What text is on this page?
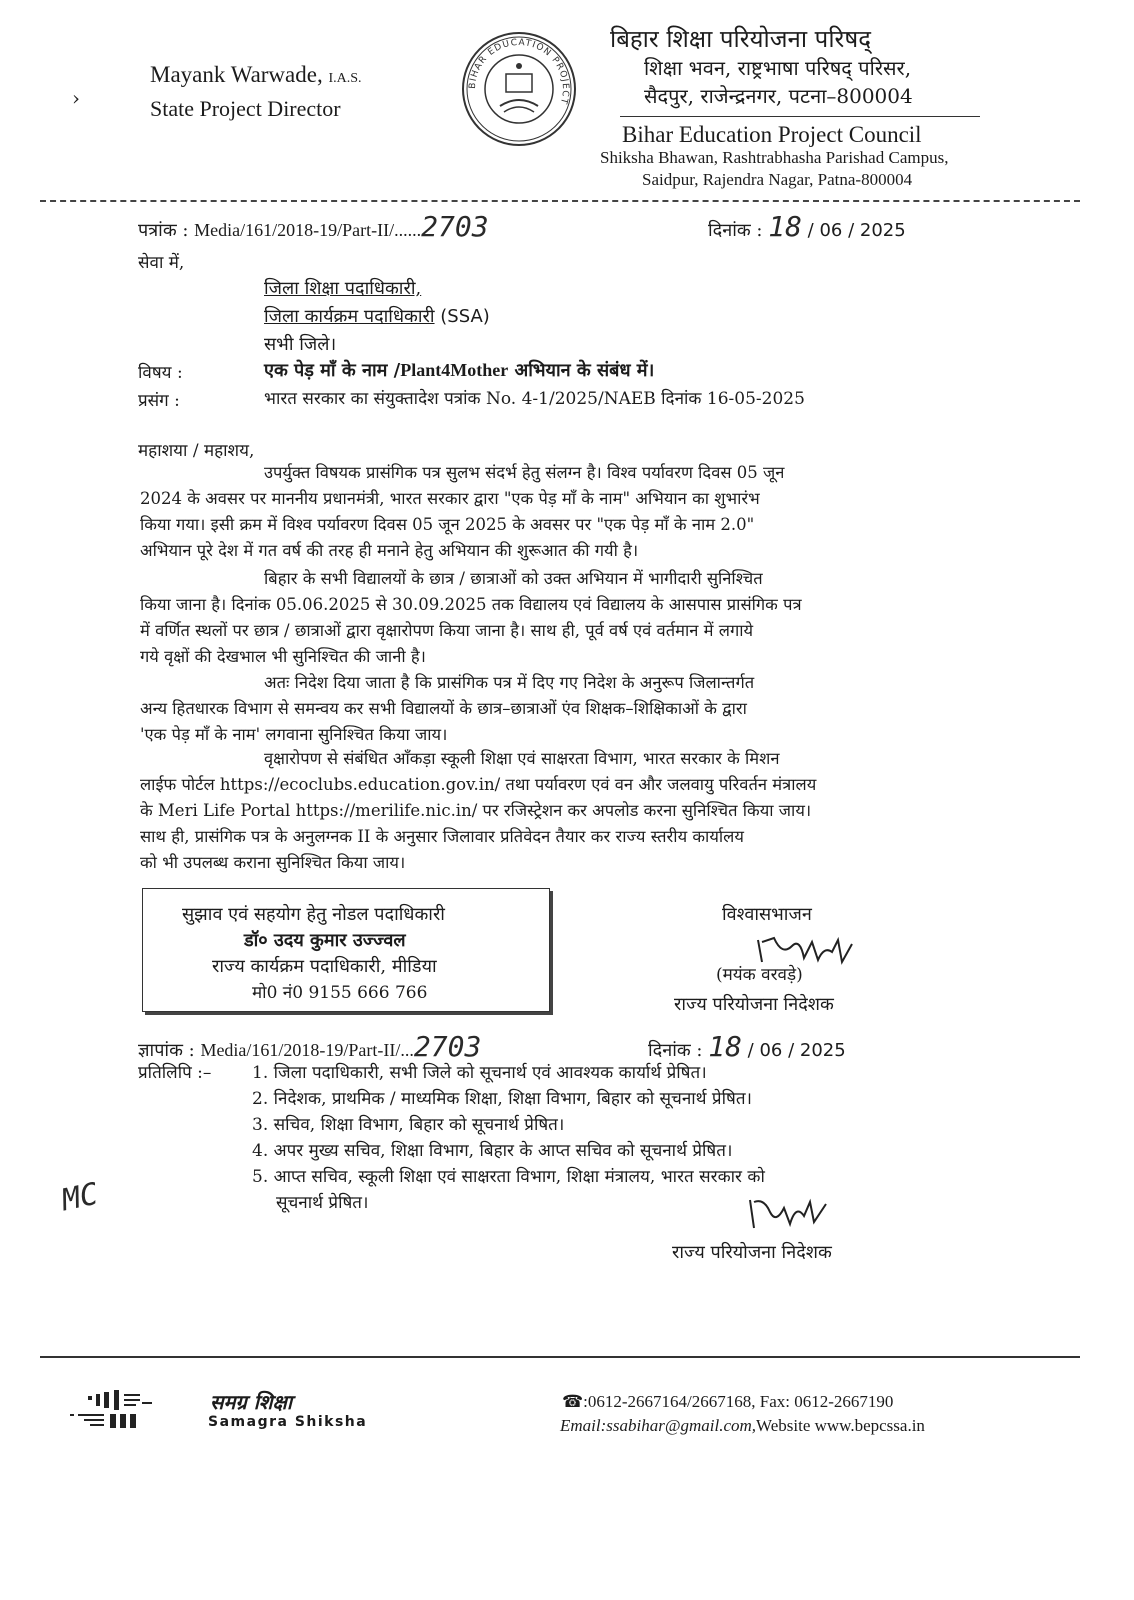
›
Mayank Warwade, I.A.S.
State Project Director
BIHAR EDUCATION PROJECT
बिहार शिक्षा परियोजना परिषद्
शिक्षा भवन, राष्ट्रभाषा परिषद् परिसर,
सैदपुर, राजेन्द्रनगर, पटना–800004
Bihar Education Project Council
Shiksha Bhawan, Rashtrabhasha Parishad Campus,
Saidpur, Rajendra Nagar, Patna-800004
पत्रांक : Media/161/2018-19/Part-II/......2703	दिनांक : 18 / 06 / 2025
सेवा में,
जिला शिक्षा पदाधिकारी,
जिला कार्यक्रम पदाधिकारी (SSA)
सभी जिले।
विषय :	एक पेड़ माँ के नाम /Plant4Mother अभियान के संबंध में।
प्रसंग :	भारत सरकार का संयुक्तादेश पत्रांक No. 4-1/2025/NAEB दिनांक 16-05-2025
महाशया / महाशय,
उपर्युक्त विषयक प्रासंगिक पत्र सुलभ संदर्भ हेतु संलग्न है। विश्व पर्यावरण दिवस 05 जून
2024 के अवसर पर माननीय प्रधानमंत्री, भारत सरकार द्वारा "एक पेड़ माँ के नाम" अभियान का शुभारंभ
किया गया। इसी क्रम में विश्व पर्यावरण दिवस 05 जून 2025 के अवसर पर "एक पेड़ माँ के नाम 2.0"
अभियान पूरे देश में गत वर्ष की तरह ही मनाने हेतु अभियान की शुरूआत की गयी है।
बिहार के सभी विद्यालयों के छात्र / छात्राओं को उक्त अभियान में भागीदारी सुनिश्चित
किया जाना है। दिनांक 05.06.2025 से 30.09.2025 तक विद्यालय एवं विद्यालय के आसपास प्रासंगिक पत्र
में वर्णित स्थलों पर छात्र / छात्राओं द्वारा वृक्षारोपण किया जाना है। साथ ही, पूर्व वर्ष एवं वर्तमान में लगाये
गये वृक्षों की देखभाल भी सुनिश्चित की जानी है।
अतः निदेश दिया जाता है कि प्रासंगिक पत्र में दिए गए निदेश के अनुरूप जिलान्तर्गत
अन्य हितधारक विभाग से समन्वय कर सभी विद्यालयों के छात्र–छात्राओं एंव शिक्षक–शिक्षिकाओं के द्वारा
'एक पेड़ माँ के नाम' लगवाना सुनिश्चित किया जाय।
वृक्षारोपण से संबंधित आँकड़ा स्कूली शिक्षा एवं साक्षरता विभाग, भारत सरकार के मिशन
लाईफ पोर्टल https://ecoclubs.education.gov.in/ तथा पर्यावरण एवं वन और जलवायु परिवर्तन मंत्रालय
के Meri Life Portal https://merilife.nic.in/ पर रजिस्ट्रेशन कर अपलोड करना सुनिश्चित किया जाय।
साथ ही, प्रासंगिक पत्र के अनुलग्नक II के अनुसार जिलावार प्रतिवेदन तैयार कर राज्य स्तरीय कार्यालय
को भी उपलब्ध कराना सुनिश्चित किया जाय।
सुझाव एवं सहयोग हेतु नोडल पदाधिकारी
डॉ० उदय कुमार उज्ज्वल
राज्य कार्यक्रम पदाधिकारी, मीडिया
मो0 नं0 9155 666 766
विश्वासभाजन
(मयंक वरवड़े)
राज्य परियोजना निदेशक
ज्ञापांक : Media/161/2018-19/Part-II/...2703	दिनांक : 18 / 06 / 2025
प्रतिलिपि :– 1. जिला पदाधिकारी, सभी जिले को सूचनार्थ एवं आवश्यक कार्यार्थ प्रेषित।
2. निदेशक, प्राथमिक / माध्यमिक शिक्षा, शिक्षा विभाग, बिहार को सूचनार्थ प्रेषित।
3. सचिव, शिक्षा विभाग, बिहार को सूचनार्थ प्रेषित।
4. अपर मुख्य सचिव, शिक्षा विभाग, बिहार के आप्त सचिव को सूचनार्थ प्रेषित।
5. आप्त सचिव, स्कूली शिक्षा एवं साक्षरता विभाग, शिक्षा मंत्रालय, भारत सरकार को
सूचनार्थ प्रेषित।
MC
राज्य परियोजना निदेशक
समग्र शिक्षा
Samagra Shiksha
☎:0612-2667164/2667168, Fax: 0612-2667190
Email:ssabihar@gmail.com,Website www.bepcssa.in
